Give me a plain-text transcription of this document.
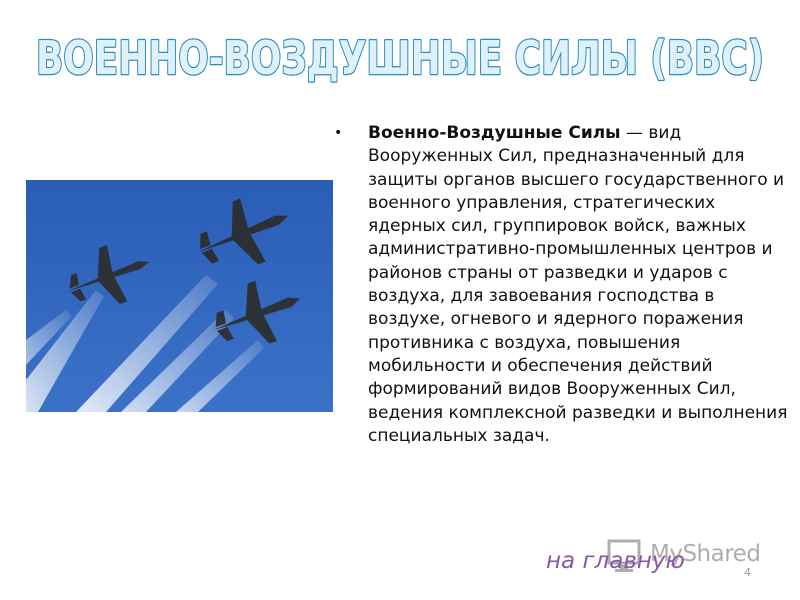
ВОЕННО-ВОЗДУШНЫЕ СИЛЫ (ВВС)
• Военно-Воздушные Силы — вид Вооруженных Сил, предназначенный для защиты органов высшего государственного и военного управления, стратегических ядерных сил, группировок войск, важных административно-промышленных центров и районов страны от разведки и ударов с воздуха, для завоевания господства в воздухе, огневого и ядерного поражения противника с воздуха, повышения мобильности и обеспечения действий формирований видов Вооруженных Сил, ведения комплексной разведки и выполнения специальных задач.
MyShared
на главную	4
